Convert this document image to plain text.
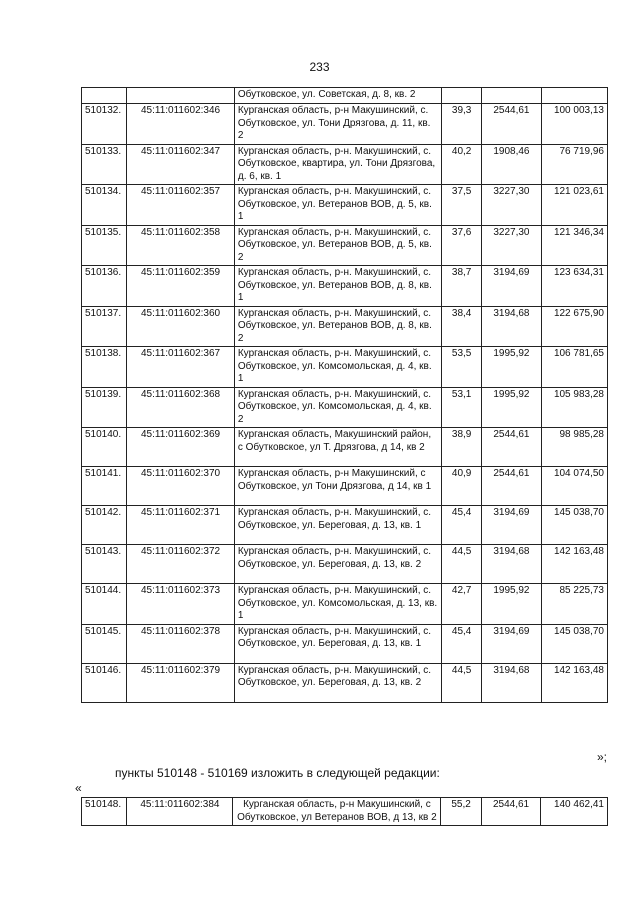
233
		Обутковское, ул. Советская, д. 8, кв. 2			
510132.	45:11:011602:346	Курганская область, р-н Макушинский, с. Обутковское, ул. Тони Дрязгова, д. 11, кв. 2	39,3	2544,61	100 003,13
510133.	45:11:011602:347	Курганская область, р-н. Макушинский, с. Обутковское, квартира, ул. Тони Дрязгова, д. 6, кв. 1	40,2	1908,46	76 719,96
510134.	45:11:011602:357	Курганская область, р-н. Макушинский, с. Обутковское, ул. Ветеранов ВОВ, д. 5, кв. 1	37,5	3227,30	121 023,61
510135.	45:11:011602:358	Курганская область, р-н. Макушинский, с. Обутковское, ул. Ветеранов ВОВ, д. 5, кв. 2	37,6	3227,30	121 346,34
510136.	45:11:011602:359	Курганская область, р-н. Макушинский, с. Обутковское, ул. Ветеранов ВОВ, д. 8, кв. 1	38,7	3194,69	123 634,31
510137.	45:11:011602:360	Курганская область, р-н. Макушинский, с. Обутковское, ул. Ветеранов ВОВ, д. 8, кв. 2	38,4	3194,68	122 675,90
510138.	45:11:011602:367	Курганская область, р-н. Макушинский, с. Обутковское, ул. Комсомольская, д. 4, кв. 1	53,5	1995,92	106 781,65
510139.	45:11:011602:368	Курганская область, р-н. Макушинский, с. Обутковское, ул. Комсомольская, д. 4, кв. 2	53,1	1995,92	105 983,28
510140.	45:11:011602:369	Курганская область, Макушинский район, с Обутковское, ул Т. Дрязгова, д 14, кв 2	38,9	2544,61	98 985,28
510141.	45:11:011602:370	Курганская область, р-н Макушинский, с Обутковское, ул Тони Дрязгова, д 14, кв 1	40,9	2544,61	104 074,50
510142.	45:11:011602:371	Курганская область, р-н. Макушинский, с. Обутковское, ул. Береговая, д. 13, кв. 1	45,4	3194,69	145 038,70
510143.	45:11:011602:372	Курганская область, р-н. Макушинский, с. Обутковское, ул. Береговая, д. 13, кв. 2	44,5	3194,68	142 163,48
510144.	45:11:011602:373	Курганская область, р-н. Макушинский, с. Обутковское, ул. Комсомольская, д. 13, кв. 1	42,7	1995,92	85 225,73
510145.	45:11:011602:378	Курганская область, р-н. Макушинский, с. Обутковское, ул. Береговая, д. 13, кв. 1	45,4	3194,69	145 038,70
510146.	45:11:011602:379	Курганская область, р-н. Макушинский, с. Обутковское, ул. Береговая, д. 13, кв. 2	44,5	3194,68	142 163,48
»;
пункты 510148 - 510169 изложить в следующей редакции:
«
510148.	45:11:011602:384	Курганская область, р-н Макушинский, с Обутковское, ул Ветеранов ВОВ, д 13, кв 2	55,2	2544,61	140 462,41
